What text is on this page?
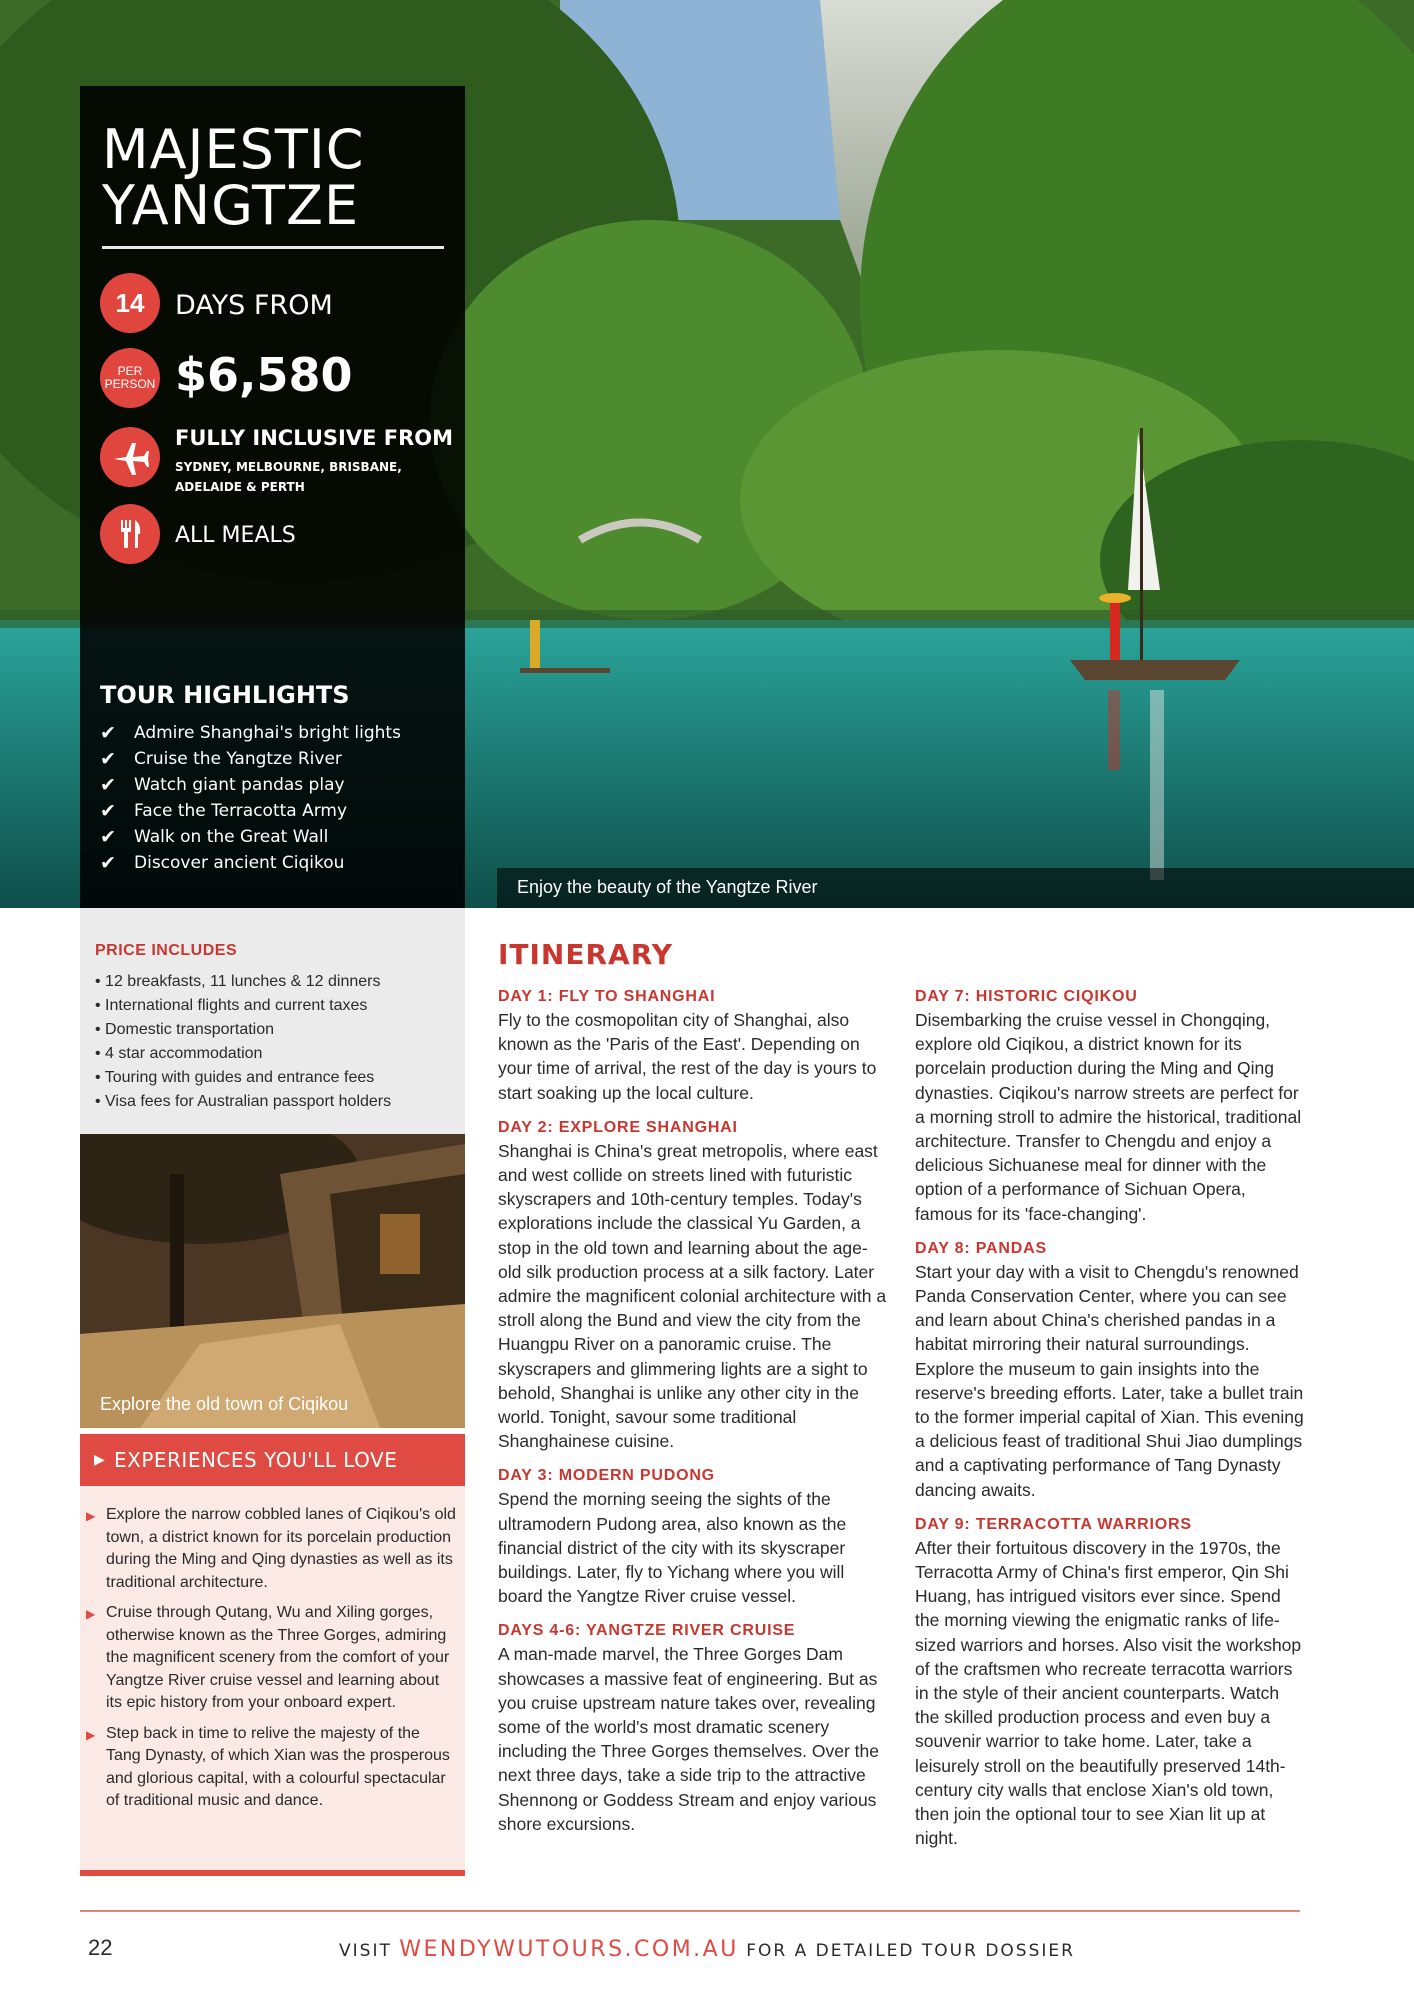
MAJESTIC
YANGTZE
14	DAYS FROM
PER PERSON $6,580
FULLY INCLUSIVE FROM
SYDNEY, MELBOURNE, BRISBANE, ADELAIDE & PERTH
ALL MEALS
TOUR HIGHLIGHTS
✔	Admire Shanghai's bright lights
✔	Cruise the Yangtze River
✔	Watch giant pandas play
✔	Face the Terracotta Army
✔	Walk on the Great Wall
✔	Discover ancient Ciqikou
Enjoy the beauty of the Yangtze River
PRICE INCLUDES
• 12 breakfasts, 11 lunches & 12 dinners
• International flights and current taxes
• Domestic transportation
• 4 star accommodation
• Touring with guides and entrance fees
• Visa fees for Australian passport holders
Explore the old town of Ciqikou
▶ EXPERIENCES YOU'LL LOVE
▶ Explore the narrow cobbled lanes of Ciqikou's old town, a district known for its porcelain production during the Ming and Qing dynasties as well as its traditional architecture.
▶ Cruise through Qutang, Wu and Xiling gorges, otherwise known as the Three Gorges, admiring the magnificent scenery from the comfort of your Yangtze River cruise vessel and learning about its epic history from your onboard expert.
▶ Step back in time to relive the majesty of the Tang Dynasty, of which Xian was the prosperous and glorious capital, with a colourful spectacular of traditional music and dance.
ITINERARY
DAY 1: FLY TO SHANGHAI

Fly to the cosmopolitan city of Shanghai, also known as the 'Paris of the East'. Depending on your time of arrival, the rest of the day is yours to start soaking up the local culture.

DAY 2: EXPLORE SHANGHAI

Shanghai is China's great metropolis, where east and west collide on streets lined with futuristic skyscrapers and 10th-century temples. Today's explorations include the classical Yu Garden, a stop in the old town and learning about the age-old silk production process at a silk factory. Later admire the magnificent colonial architecture with a stroll along the Bund and view the city from the Huangpu River on a panoramic cruise. The skyscrapers and glimmering lights are a sight to behold, Shanghai is unlike any other city in the world. Tonight, savour some traditional Shanghainese cuisine.

DAY 3: MODERN PUDONG

Spend the morning seeing the sights of the ultramodern Pudong area, also known as the financial district of the city with its skyscraper buildings. Later, fly to Yichang where you will board the Yangtze River cruise vessel.

DAYS 4-6: YANGTZE RIVER CRUISE

A man-made marvel, the Three Gorges Dam showcases a massive feat of engineering. But as you cruise upstream nature takes over, revealing some of the world's most dramatic scenery including the Three Gorges themselves. Over the next three days, take a side trip to the attractive Shennong or Goddess Stream and enjoy various shore excursions.

DAY 7: HISTORIC CIQIKOU

Disembarking the cruise vessel in Chongqing, explore old Ciqikou, a district known for its porcelain production during the Ming and Qing dynasties. Ciqikou's narrow streets are perfect for a morning stroll to admire the historical, traditional architecture. Transfer to Chengdu and enjoy a delicious Sichuanese meal for dinner with the option of a performance of Sichuan Opera, famous for its 'face-changing'.

DAY 8: PANDAS

Start your day with a visit to Chengdu's renowned Panda Conservation Center, where you can see and learn about China's cherished pandas in a habitat mirroring their natural surroundings. Explore the museum to gain insights into the reserve's breeding efforts. Later, take a bullet train to the former imperial capital of Xian. This evening a delicious feast of traditional Shui Jiao dumplings and a captivating performance of Tang Dynasty dancing awaits.

DAY 9: TERRACOTTA WARRIORS

After their fortuitous discovery in the 1970s, the Terracotta Army of China's first emperor, Qin Shi Huang, has intrigued visitors ever since. Spend the morning viewing the enigmatic ranks of life-sized warriors and horses. Also visit the workshop of the craftsmen who recreate terracotta warriors in the style of their ancient counterparts. Watch the skilled production process and even buy a souvenir warrior to take home. Later, take a leisurely stroll on the beautifully preserved 14th-century city walls that enclose Xian's old town, then join the optional tour to see Xian lit up at night.

22	VISIT WENDYWUTOURS.COM.AU FOR A DETAILED TOUR DOSSIER
